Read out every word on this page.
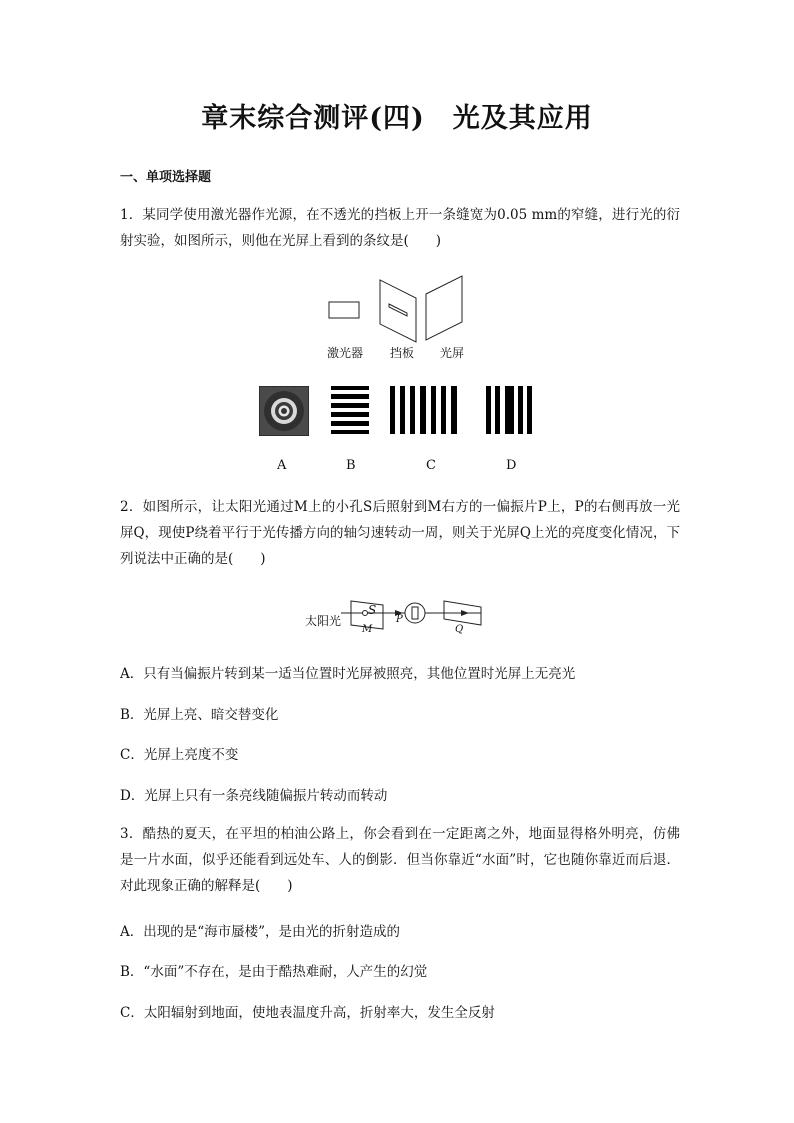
章末综合测评(四)　光及其应用
一、单项选择题
1．某同学使用激光器作光源，在不透光的挡板上开一条缝宽为0.05 mm的窄缝，进行光的衍射实验，如图所示，则他在光屏上看到的条纹是(　　)
激光器 挡板 光屏
A	B	C	D
2．如图所示，让太阳光通过M上的小孔S后照射到M右方的一偏振片P上，P的右侧再放一光屏Q，现使P绕着平行于光传播方向的轴匀速转动一周，则关于光屏Q上光的亮度变化情况，下列说法中正确的是(　　)
太阳光
S
M
P
Q
A．只有当偏振片转到某一适当位置时光屏被照亮，其他位置时光屏上无亮光
B．光屏上亮、暗交替变化
C．光屏上亮度不变
D．光屏上只有一条亮线随偏振片转动而转动
3．酷热的夏天，在平坦的柏油公路上，你会看到在一定距离之外，地面显得格外明亮，仿佛是一片水面，似乎还能看到远处车、人的倒影．但当你靠近“水面”时，它也随你靠近而后退．对此现象正确的解释是(　　)
A．出现的是“海市蜃楼”，是由光的折射造成的
B．“水面”不存在，是由于酷热难耐，人产生的幻觉
C．太阳辐射到地面，使地表温度升高，折射率大，发生全反射
